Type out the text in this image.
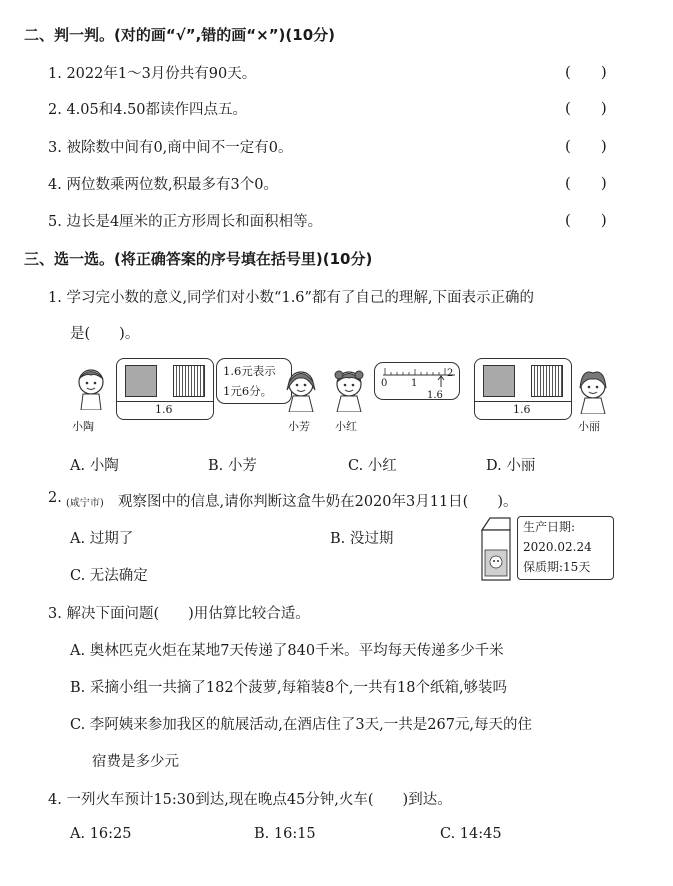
二、判一判。(对的画“√”,错的画“×”)(10分)
1. 2022年1～3月份共有90天。	(　　)
2. 4.05和4.50都读作四点五。	(　　)
3. 被除数中间有0,商中间不一定有0。	(　　)
4. 两位数乘两位数,积最多有3个0。	(　　)
5. 边长是4厘米的正方形周长和面积相等。	(　　)
三、选一选。(将正确答案的序号填在括号里)(10分)
1. 学习完小数的意义,同学们对小数“1.6”都有了自己的理解,下面表示正确的
是(　　)。
小陶
1.6
1.6元表示
1元6分。
小芳 小红
0 1
2
1.6
1.6
小丽
A. 小陶	B. 小芳	C. 小红	D. 小丽
2. (咸宁市) 观察图中的信息,请你判断这盒牛奶在2020年3月11日(　　)。
A. 过期了	B. 没过期
C. 无法确定
生产日期:
2020.02.24
保质期:15天
3. 解决下面问题(　　)用估算比较合适。
A. 奥林匹克火炬在某地7天传递了840千米。平均每天传递多少千米
B. 采摘小组一共摘了182个菠萝,每箱装8个,一共有18个纸箱,够装吗
C. 李阿姨来参加我区的航展活动,在酒店住了3天,一共是267元,每天的住
宿费是多少元
4. 一列火车预计15:30到达,现在晚点45分钟,火车(　　)到达。
A. 16:25	B. 16:15	C. 14:45
